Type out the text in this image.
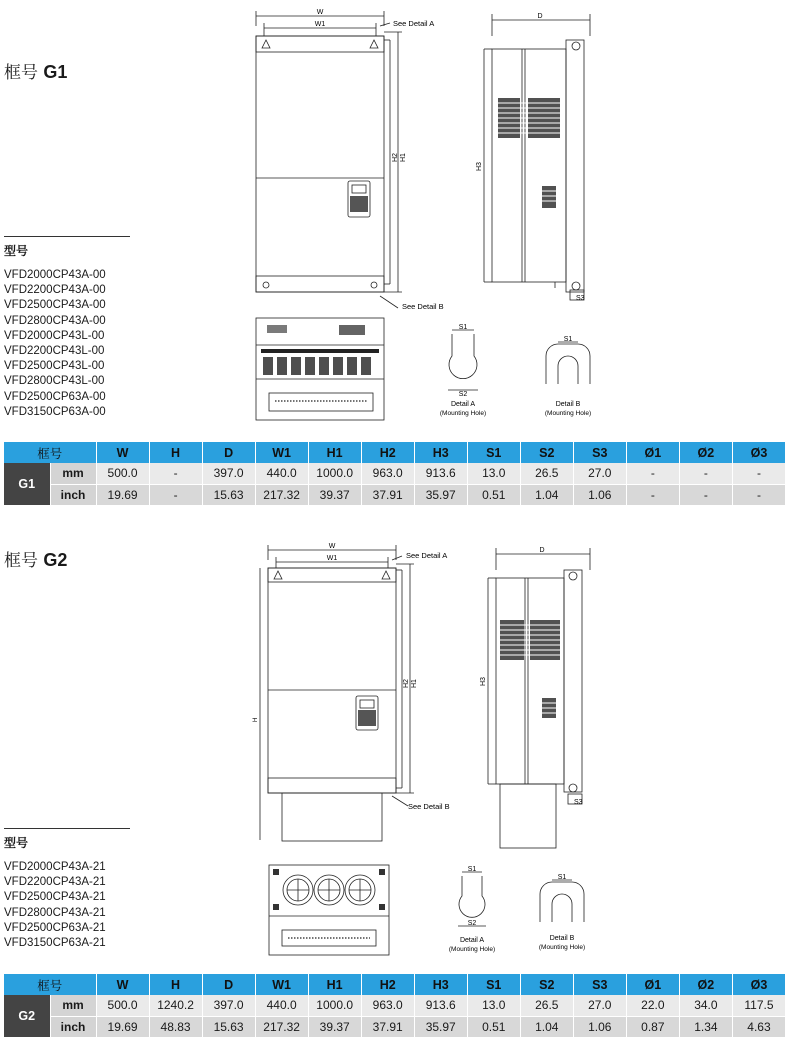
框号 G1
型号
VFD2000CP43A-00
VFD2200CP43A-00
VFD2500CP43A-00
VFD2800CP43A-00
VFD2000CP43L-00
VFD2200CP43L-00
VFD2500CP43L-00
VFD2800CP43L-00
VFD2500CP63A-00
VFD3150CP63A-00
W
W1	See Detail A
See Detail B
H2 H1
D
H3
S3
S1
S2
Detail A
(Mounting Hole)
S1
Detail B
(Mounting Hole)
框号		W	H	D	W1	H1	H2	H3	S1	S2	S3	Ø1	Ø2	Ø3
G1	mm	500.0	-	397.0	440.0	1000.0	963.0	913.6	13.0	26.5	27.0	-	-	-
	inch	19.69	-	15.63	217.32	39.37	37.91	35.97	0.51	1.04	1.06	-	-	-
框号 G2
型号
VFD2000CP43A-21
VFD2200CP43A-21
VFD2500CP43A-21
VFD2800CP43A-21
VFD2500CP63A-21
VFD3150CP63A-21
W
W1	See Detail A
See Detail B
H2 H1
H
D
H3
S3
S1
S2
Detail A
(Mounting Hole)
S1
Detail B
(Mounting Hole)
框号		W	H	D	W1	H1	H2	H3	S1	S2	S3	Ø1	Ø2	Ø3
G2	mm	500.0	1240.2	397.0	440.0	1000.0	963.0	913.6	13.0	26.5	27.0	22.0	34.0	117.5
	inch	19.69	48.83	15.63	217.32	39.37	37.91	35.97	0.51	1.04	1.06	0.87	1.34	4.63
